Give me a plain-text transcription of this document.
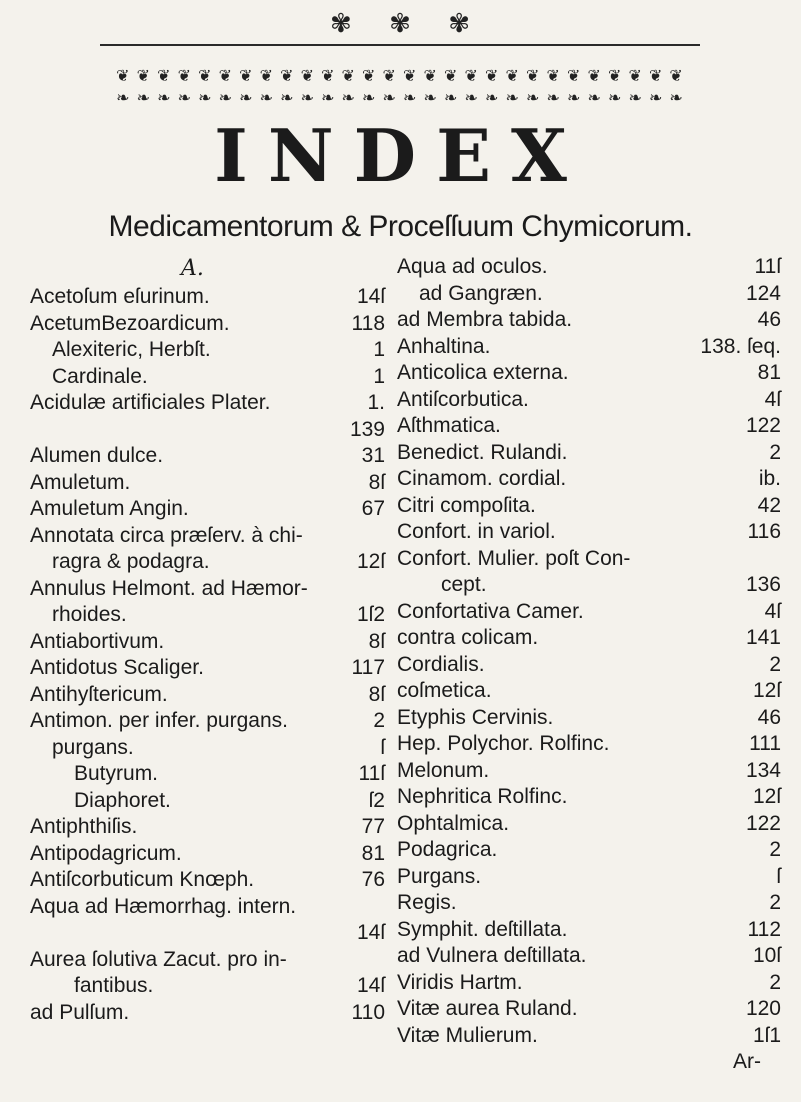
✾ ✾ ✾
❦ ❦ ❦ ❦ ❦ ❦ ❦ ❦ ❦ ❦ ❦ ❦ ❦ ❦ ❦ ❦ ❦ ❦ ❦ ❦ ❦ ❦ ❦ ❦ ❦ ❦ ❦ ❦
❧ ❧ ❧ ❧ ❧ ❧ ❧ ❧ ❧ ❧ ❧ ❧ ❧ ❧ ❧ ❧ ❧ ❧ ❧ ❧ ❧ ❧ ❧ ❧ ❧ ❧ ❧ ❧
INDEX
Medicamentorum & Proceſſuum Chymicorum.
A.
Acetoſum eſurinum.	14ſ
AcetumBezoardicum.	118
Alexiteric, Herbſt.	1
Cardinale.	1
Acidulæ artificiales Plater.	1.
139
Alumen dulce.	31
Amuletum.	8ſ
Amuletum Angin.	67
Annotata circa præſerv. à chi-
ragra & podagra.	12ſ
Annulus Helmont. ad Hæmor-
rhoides.	1ſ2
Antiabortivum.	8ſ
Antidotus Scaliger.	117
Antihyſtericum.	8ſ
Antimon. per infer. purgans.	2
purgans.	ſ
Butyrum.	11ſ
Diaphoret.	ſ2
Antiphthiſis.	77
Antipodagricum.	81
Antiſcorbuticum Knœph.	76
Aqua ad Hæmorrhag. intern.
14ſ
Aurea ſolutiva Zacut. pro in-
fantibus.	14ſ
ad Pulſum.	110
Aqua ad oculos.	11ſ
ad Gangræn.	124
ad Membra tabida.	46
Anhaltina.	138. ſeq.
Anticolica externa.	81
Antiſcorbutica.	4ſ
Aſthmatica.	122
Benedict. Rulandi.	2
Cinamom. cordial.	ib.
Citri compoſita.	42
Confort. in variol.	116
Confort. Mulier. poſt Con-
cept.	136
Confortativa Camer.	4ſ
contra colicam.	141
Cordialis.	2
coſmetica.	12ſ
Etyphis Cervinis.	46
Hep. Polychor. Rolfinc.	111
Melonum.	134
Nephritica Rolfinc.	12ſ
Ophtalmica.	122
Podagrica.	2
Purgans.	ſ
Regis.	2
Symphit. deſtillata.	112
ad Vulnera deſtillata.	10ſ
Viridis Hartm.	2
Vitæ aurea Ruland.	120
Vitæ Mulierum.	1ſ1
Ar-
